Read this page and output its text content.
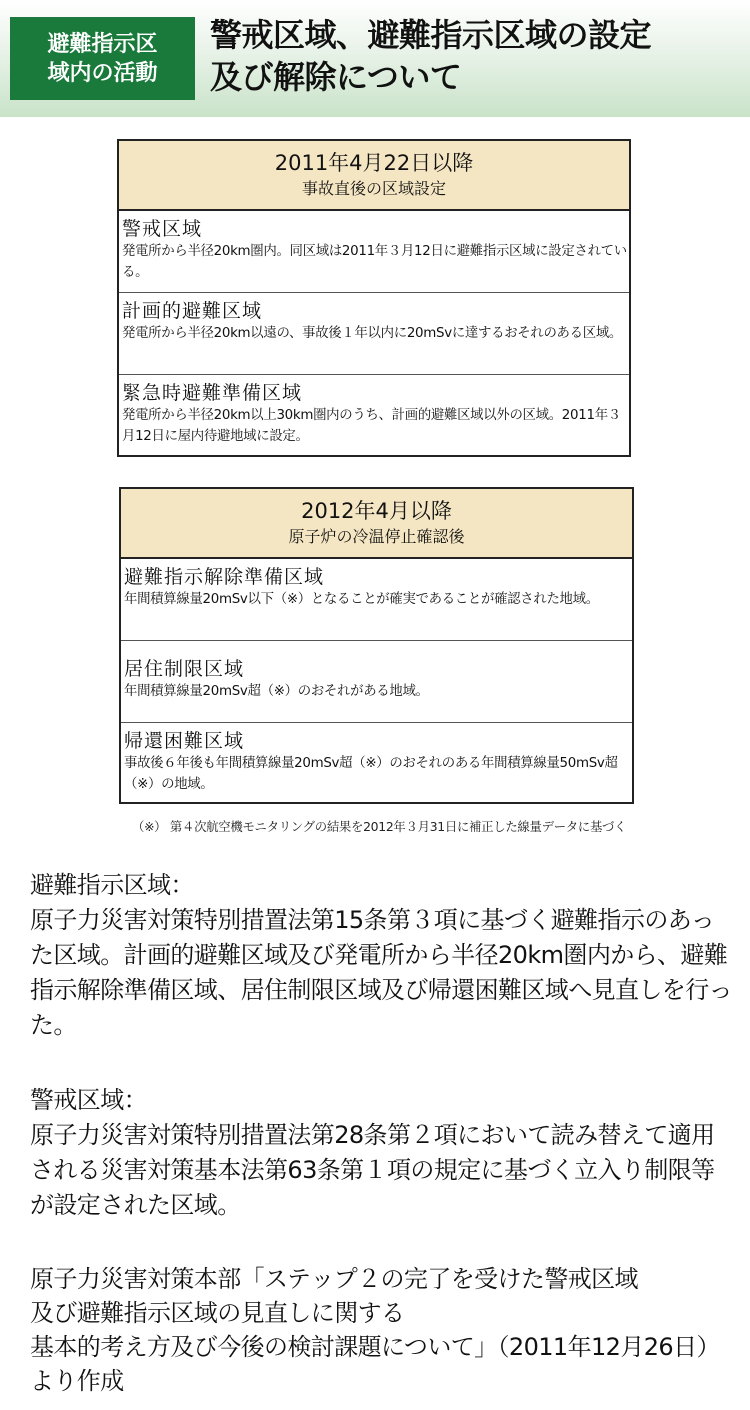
避難指示区
域内の活動
警戒区域、避難指示区域の設定
及び解除について
2011年4月22日以降
事故直後の区域設定
警戒区域
発電所から半径20km圏内。同区域は2011年３月12日に避難指示区域に設定されている。
計画的避難区域
発電所から半径20km以遠の、事故後１年以内に20mSvに達するおそれのある区域。
緊急時避難準備区域
発電所から半径20km以上30km圏内のうち、計画的避難区域以外の区域。2011年３月12日に屋内待避地域に設定。
2012年4月以降
原子炉の冷温停止確認後
避難指示解除準備区域
年間積算線量20mSv以下（※）となることが確実であることが確認された地域。
居住制限区域
年間積算線量20mSv超（※）のおそれがある地域。
帰還困難区域
事故後６年後も年間積算線量20mSv超（※）のおそれのある年間積算線量50mSv超（※）の地域。
（※） 第４次航空機モニタリングの結果を2012年３月31日に補正した線量データに基づく
避難指示区域：
原子力災害対策特別措置法第15条第３項に基づく避難指示のあった区域。計画的避難区域及び発電所から半径20km圏内から、避難指示解除準備区域、居住制限区域及び帰還困難区域へ見直しを行った。
警戒区域：
原子力災害対策特別措置法第28条第２項において読み替えて適用される災害対策基本法第63条第１項の規定に基づく立入り制限等が設定された区域。
原子力災害対策本部「ステップ２の完了を受けた警戒区域
及び避難指示区域の見直しに関する
基本的考え方及び今後の検討課題について」（2011年12月26日）より作成
